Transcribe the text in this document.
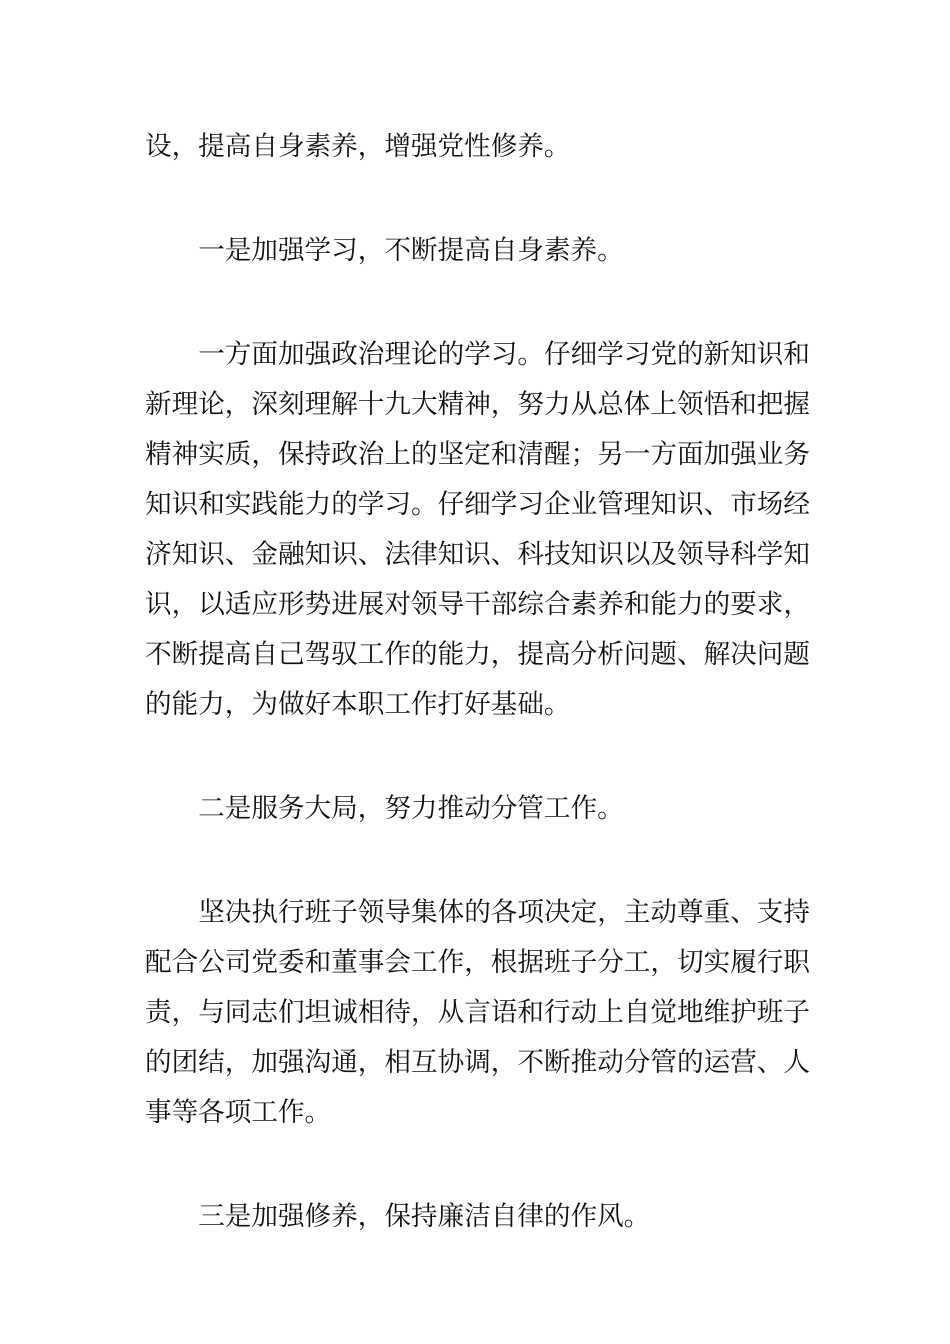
设，提高自身素养，增强党性修养。

一是加强学习，不断提高自身素养。

一方面加强政治理论的学习。仔细学习党的新知识和新理论，深刻理解十九大精神，努力从总体上领悟和把握精神实质，保持政治上的坚定和清醒；另一方面加强业务知识和实践能力的学习。仔细学习企业管理知识、市场经济知识、金融知识、法律知识、科技知识以及领导科学知识，以适应形势进展对领导干部综合素养和能力的要求，不断提高自己驾驭工作的能力，提高分析问题、解决问题的能力，为做好本职工作打好基础。

二是服务大局，努力推动分管工作。

坚决执行班子领导集体的各项决定，主动尊重、支持配合公司党委和董事会工作，根据班子分工，切实履行职责，与同志们坦诚相待，从言语和行动上自觉地维护班子的团结，加强沟通，相互协调，不断推动分管的运营、人事等各项工作。

三是加强修养，保持廉洁自律的作风。
